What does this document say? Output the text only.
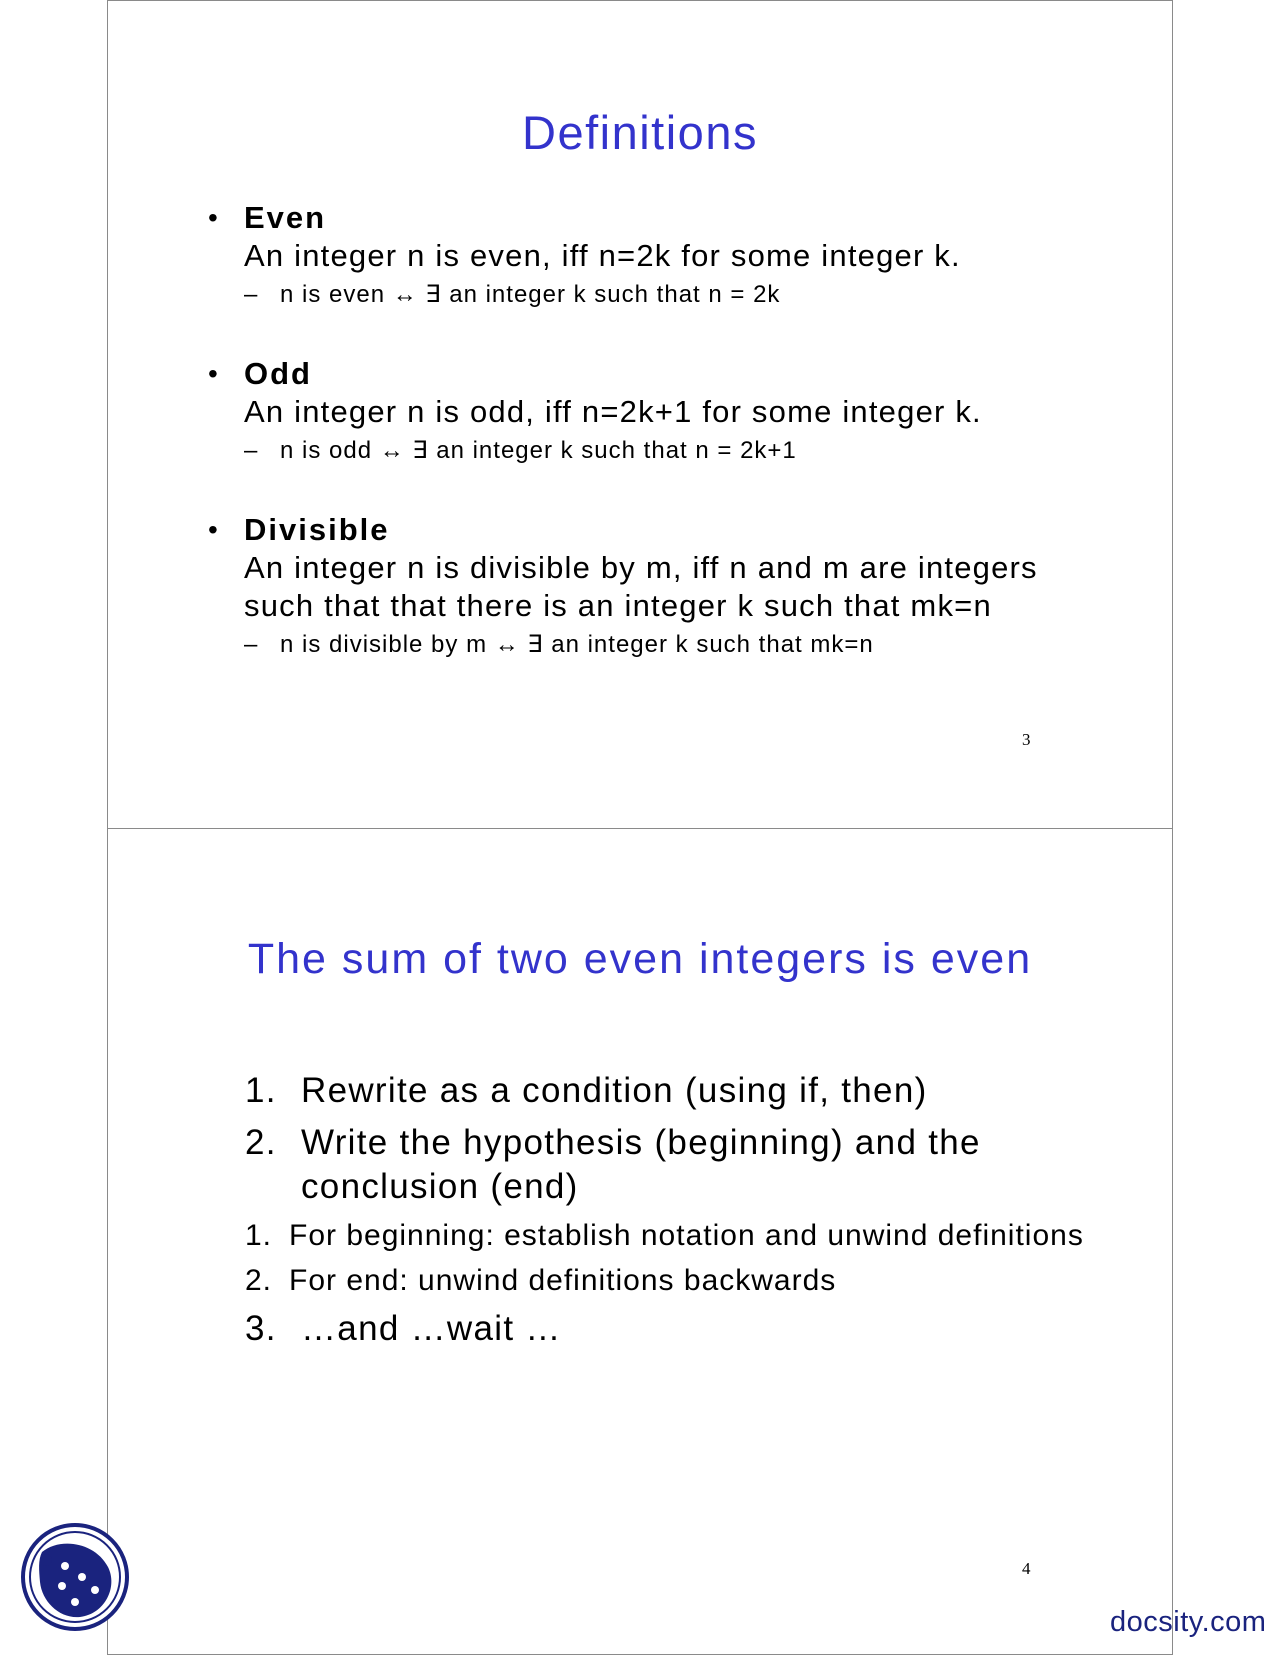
Definitions
• Even
An integer n is even, iff n=2k for some integer k.
– n is even ↔ ∃ an integer k such that n = 2k
• Odd
An integer n is odd, iff n=2k+1 for some integer k.
– n is odd ↔ ∃ an integer k such that n = 2k+1
• Divisible
An integer n is divisible by m, iff n and m are integers such that that there is an integer k such that mk=n
– n is divisible by m ↔ ∃ an integer k such that mk=n
3
The sum of two even integers is even
1. Rewrite as a condition (using if, then)
2. Write the hypothesis (beginning) and the conclusion (end)
1. For beginning: establish notation and unwind definitions
2. For end: unwind definitions backwards
3. …and …wait …
4
docsity.com
